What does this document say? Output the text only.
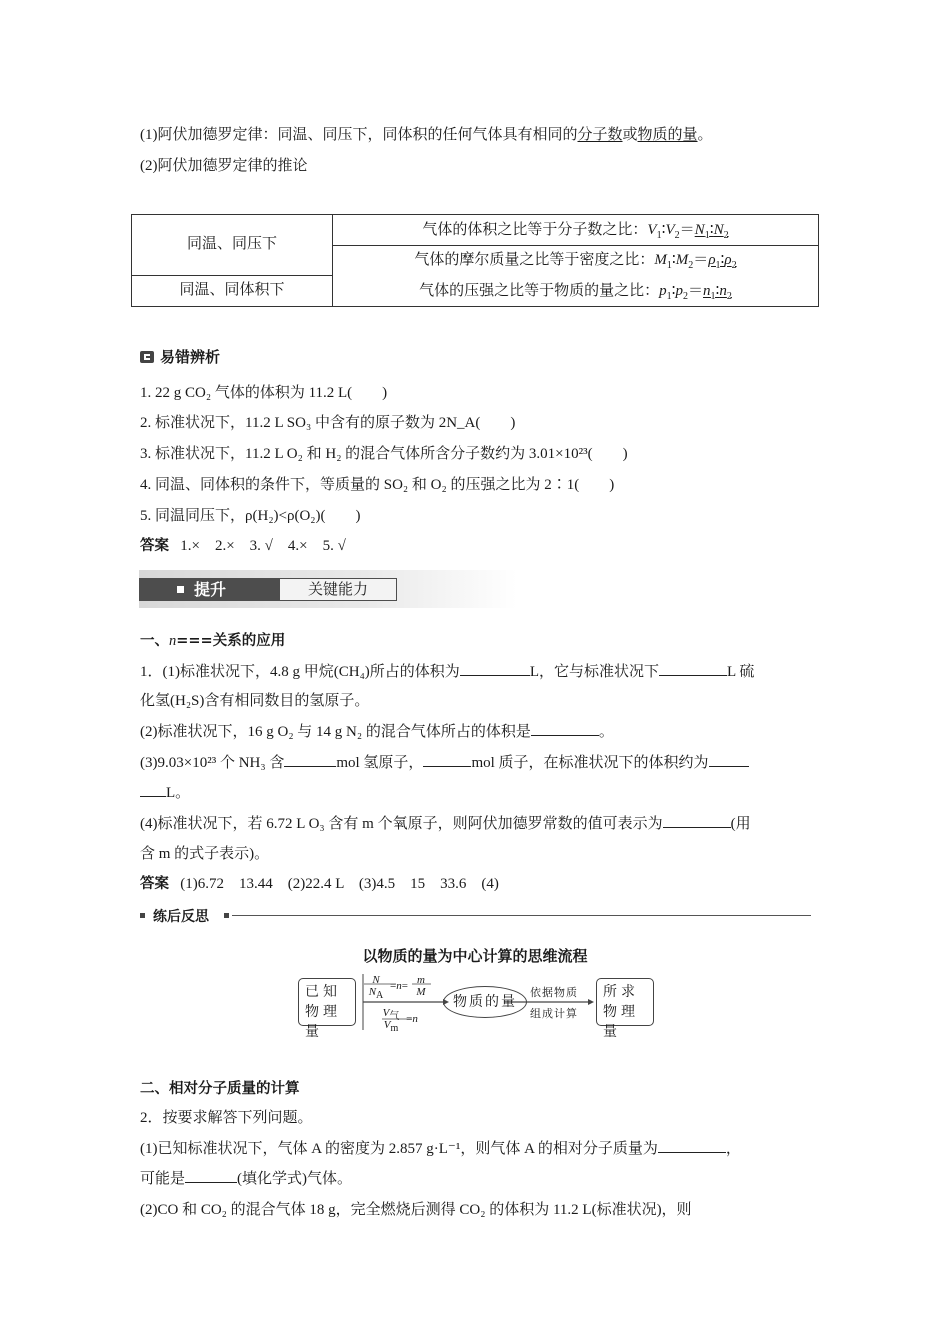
(1)阿伏加德罗定律：同温、同压下，同体积的任何气体具有相同的分子数或物质的量。
(2)阿伏加德罗定律的推论
同温、同压下
气体的体积之比等于分子数之比：$V_1∶V_2=N_1∶N_2$
气体的摩尔质量之比等于密度之比：$M_1∶M_2=\rho_1∶\rho_2$
同温、同体积下	气体的压强之比等于物质的量之比：$p_1∶p_2=n_1∶n_2$
易错辨析
1. 22 g CO₂ 气体的体积为 11.2 L(　　)
2. 标准状况下，11.2 L SO₃ 中含有的原子数为 2N_A(　　)
3. 标准状况下，11.2 L O₂ 和 H₂ 的混合气体所含分子数约为 3.01×10²³(　　)
4. 同温、同体积的条件下，等质量的 SO₂ 和 O₂ 的压强之比为 2∶1(　　)
5. 同温同压下，ρ(H₂)<ρ(O₂)(　　)
答案 1.×　2.×　3. √　4.×　5. √
提升	关键能力
一、n===关系的应用
1．(1)标准状况下，4.8 g 甲烷(CH₄)所占的体积为	L，它与标准状况下	L 硫
化氢(H₂S)含有相同数目的氢原子。
(2)标准状况下，16 g O₂ 与 14 g N₂ 的混合气体所占的体积是	。
(3)9.03×10²³ 个 NH₃ 含	mol 氢原子，	mol 质子，在标准状况下的体积约为
L。
(4)标准状况下，若 6.72 L O₃ 含有 m 个氧原子，则阿伏加德罗常数的值可表示为	(用
含 m 的式子表示)。
答案 (1)6.72　13.44　(2)22.4 L　(3)4.5　15　33.6　(4)
练后反思
以物质的量为中心计算的思维流程
已知物理量
N
$N_A$
=n= m
M
$V_气$
$V_m$
=n
物质的量
依据物质
组成计算
所求物理量
二、相对分子质量的计算
2．按要求解答下列问题。
(1)已知标准状况下，气体 A 的密度为 2.857 g·L⁻¹，则气体 A 的相对分子质量为	，
可能是	(填化学式)气体。
(2)CO 和 CO₂ 的混合气体 18 g，完全燃烧后测得 CO₂ 的体积为 11.2 L(标准状况)，则
